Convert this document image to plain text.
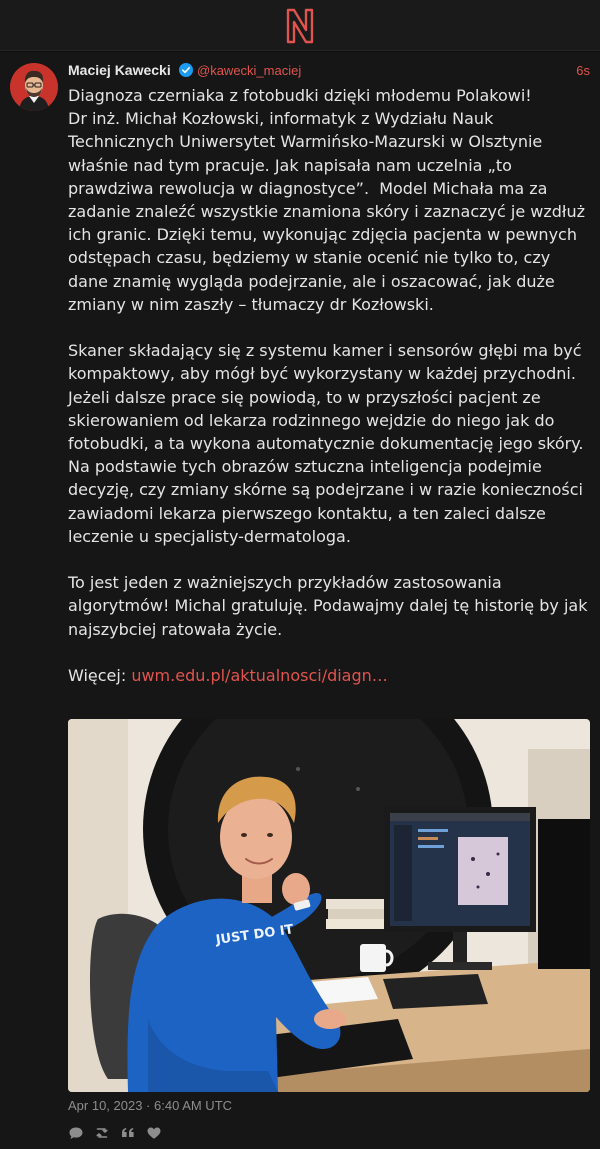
Maciej Kawecki @kawecki_maciej	6s

Diagnoza czerniaka z fotobudki dzięki młodemu Polakowi!
Dr inż. Michał Kozłowski, informatyk z Wydziału Nauk Technicznych Uniwersytet Warmińsko-Mazurski w Olsztynie właśnie nad tym pracuje. Jak napisała nam uczelnia „to prawdziwa rewolucja w diagnostyce”.  Model Michała ma za zadanie znaleźć wszystkie znamiona skóry i zaznaczyć je wzdłuż ich granic. Dzięki temu, wykonując zdjęcia pacjenta w pewnych odstępach czasu, będziemy w stanie ocenić nie tylko to, czy dane znamię wygląda podejrzanie, ale i oszacować, jak duże zmiany w nim zaszły – tłumaczy dr Kozłowski.

Skaner składający się z systemu kamer i sensorów głębi ma być kompaktowy, aby mógł być wykorzystany w każdej przychodni. Jeżeli dalsze prace się powiodą, to w przyszłości pacjent ze skierowaniem od lekarza rodzinnego wejdzie do niego jak do fotobudki, a ta wykona automatycznie dokumentację jego skóry. Na podstawie tych obrazów sztuczna inteligencja podejmie decyzję, czy zmiany skórne są podejrzane i w razie konieczności zawiadomi lekarza pierwszego kontaktu, a ten zaleci dalsze leczenie u specjalisty-dermatologa.

To jest jeden z ważniejszych przykładów zastosowania algorytmów! Michal gratuluję. Podawajmy dalej tę historię by jak najszybciej ratowała życie.

Więcej: uwm.edu.pl/aktualnosci/diagn…

JUST DO IT
Apr 10, 2023 · 6:40 AM UTC
